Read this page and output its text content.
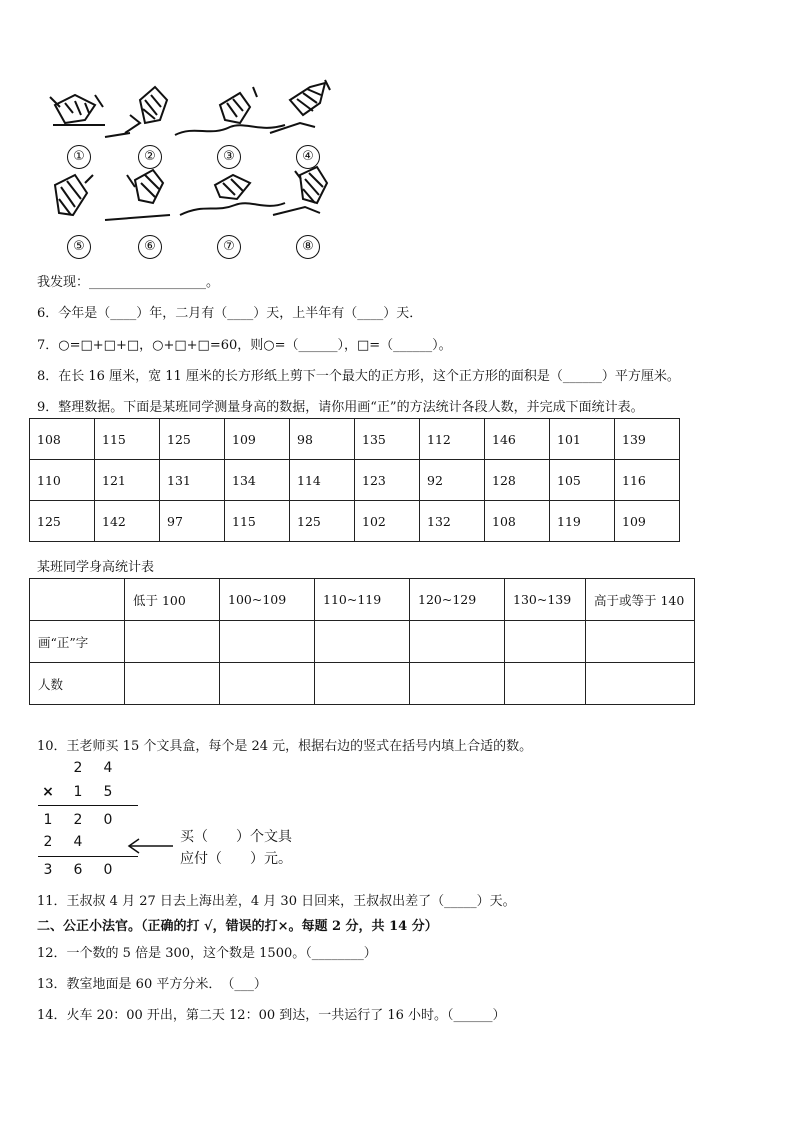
①	②	③	④
⑤	⑥	⑦	⑧
我发现：__________________。
6．今年是（____）年，二月有（____）天，上半年有（____）天．
7．○=□+□+□，○+□+□=60，则○=（______），□=（______）。
8．在长 16 厘米，宽 11 厘米的长方形纸上剪下一个最大的正方形，这个正方形的面积是（______）平方厘米。
9．整理数据。下面是某班同学测量身高的数据，请你用画“正”的方法统计各段人数，并完成下面统计表。
108	115	125	109	98	135	112	146	101	139
110	121	131	134	114	123	92	128	105	116
125	142	97	115	125	102	132	108	119	109
某班同学身高统计表
	低于 100	100~109	110~119	120~129	130~139	高于或等于 140
画“正”字						
人数						
10．王老师买 15 个文具盒，每个是 24 元，根据右边的竖式在括号内填上合适的数。
2	4
×	1	5
1	2	0
2	4
3	6	0
买（　　）个文具
应付（　　）元。
11．王叔叔 4 月 27 日去上海出差，4 月 30 日回来，王叔叔出差了（_____）天。
二、公正小法官。（正确的打 √，错误的打×。每题 2 分，共 14 分）
12．一个数的 5 倍是 300，这个数是 1500。（________）
13．教室地面是 60 平方分米．　（___）
14．火车 20：00 开出，第二天 12：00 到达，一共运行了 16 小时。（______）
